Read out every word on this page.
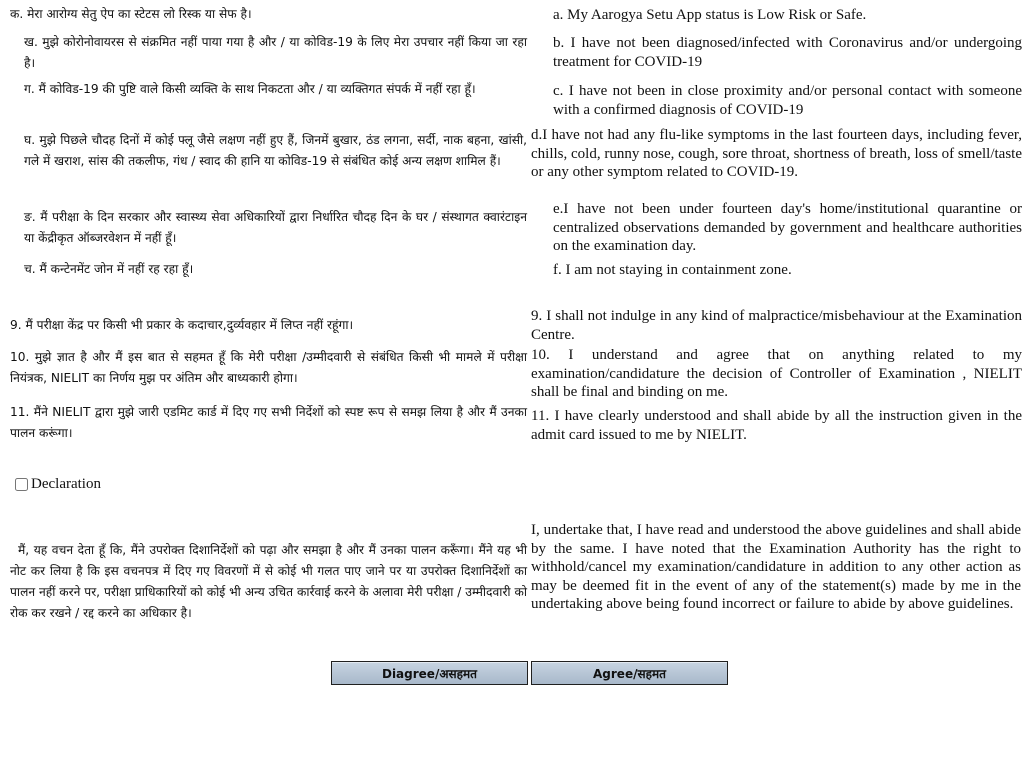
क. मेरा आरोग्य सेतु ऐप का स्टेटस लो रिस्क या सेफ है।	a. My Aarogya Setu App status is Low Risk or Safe.
ख. मुझे कोरोनोवायरस से संक्रमित नहीं पाया गया है और / या कोविड-19 के लिए मेरा उपचार नहीं किया जा रहा है।
b. I have not been diagnosed/infected with Coronavirus and/or undergoing treatment for COVID-19
ग. मैं कोविड-19 की पुष्टि वाले किसी व्यक्ति के साथ निकटता और / या व्यक्तिगत संपर्क में नहीं रहा हूँ।	c. I have not been in close proximity and/or personal contact with someone with a confirmed diagnosis of COVID-19
घ. मुझे पिछले चौदह दिनों में कोई फ्लू जैसे लक्षण नहीं हुए हैं, जिनमें बुखार, ठंड लगना, सर्दी, नाक बहना, खांसी, गले में खराश, सांस की तकलीफ, गंध / स्वाद की हानि या कोविड-19 से संबंधित कोई अन्य लक्षण शामिल हैं।
d.I have not had any flu-like symptoms in the last fourteen days, including fever, chills, cold, runny nose, cough, sore throat, shortness of breath, loss of smell/taste or any other symptom related to COVID-19.
ङ. मैं परीक्षा के दिन सरकार और स्वास्थ्य सेवा अधिकारियों द्वारा निर्धारित चौदह दिन के घर / संस्थागत क्वारंटाइन या केंद्रीकृत ऑब्जरवेशन में नहीं हूँ।
e.I have not been under fourteen day's home/institutional quarantine or centralized observations demanded by government and healthcare authorities on the examination day.
च. मैं कन्टेनमेंट जोन में नहीं रह रहा हूँ।	f. I am not staying in containment zone.
9. मैं परीक्षा केंद्र पर किसी भी प्रकार के कदाचार,दुर्व्यवहार में लिप्त नहीं रहूंगा।
9. I shall not indulge in any kind of malpractice/misbehaviour at the Examination Centre.
10. मुझे ज्ञात है और मैं इस बात से सहमत हूँ कि मेरी परीक्षा /उम्मीदवारी से संबंधित किसी भी मामले में परीक्षा नियंत्रक, NIELIT का निर्णय मुझ पर अंतिम और बाध्यकारी होगा।
10. I understand and agree that on anything related to my examination/candidature the decision of Controller of Examination , NIELIT shall be final and binding on me.
11. मैंने NIELIT द्वारा मुझे जारी एडमिट कार्ड में दिए गए सभी निर्देशों को स्पष्ट रूप से समझ लिया है और मैं उनका पालन करूंगा।
11. I have clearly understood and shall abide by all the instruction given in the admit card issued to me by NIELIT.
Declaration
मैं, यह वचन देता हूँ कि, मैंने उपरोक्त दिशानिर्देशों को पढ़ा और समझा है और मैं उनका पालन करूँगा। मैंने यह भी नोट कर लिया है कि इस वचनपत्र में दिए गए विवरणों में से कोई भी गलत पाए जाने पर या उपरोक्त दिशानिर्देशों का पालन नहीं करने पर, परीक्षा प्राधिकारियों को कोई भी अन्य उचित कार्रवाई करने के अलावा मेरी परीक्षा / उम्मीदवारी को रोक कर रखने / रद्द करने का अधिकार है।
I, undertake that, I have read and understood the above guidelines and shall abide by the same. I have noted that the Examination Authority has the right to withhold/cancel my examination/candidature in addition to any other action as may be deemed fit in the event of any of the statement(s) made by me in the undertaking above being found incorrect or failure to abide by above guidelines.
Diagree/असहमत	Agree/सहमत
